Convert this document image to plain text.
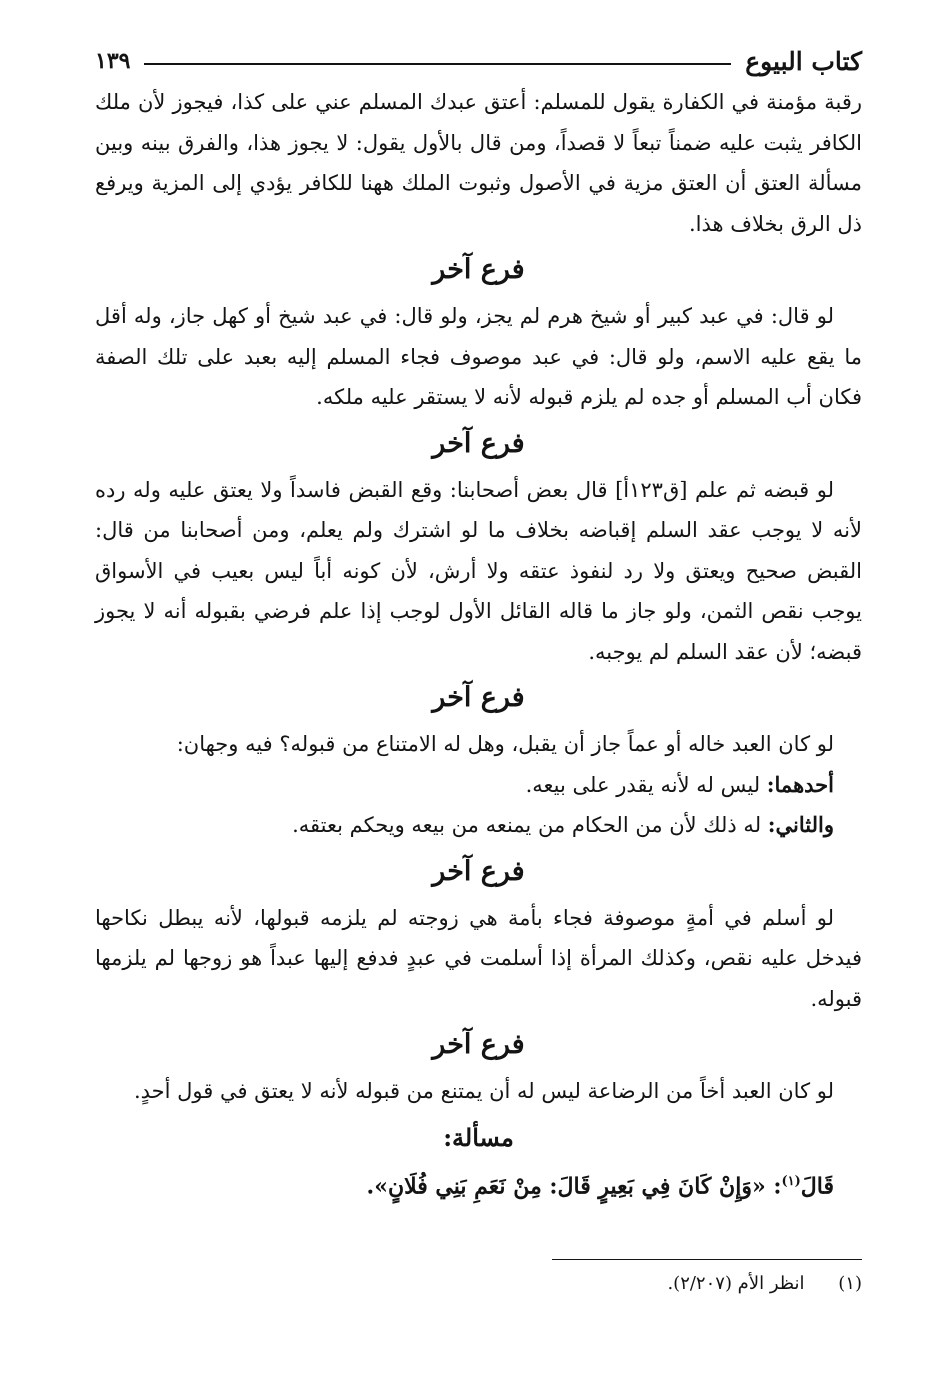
كتاب البيوع
١٣٩

رقبة مؤمنة في الكفارة يقول للمسلم: أعتق عبدك المسلم عني على كذا، فيجوز لأن ملك الكافر يثبت عليه ضمناً تبعاً لا قصداً، ومن قال بالأول يقول: لا يجوز هذا، والفرق بينه وبين مسألة العتق أن العتق مزية في الأصول وثبوت الملك ههنا للكافر يؤدي إلى المزية ويرفع ذل الرق بخلاف هذا.

فرع آخر

لو قال: في عبد كبير أو شيخ هرم لم يجز، ولو قال: في عبد شيخ أو كهل جاز، وله أقل ما يقع عليه الاسم، ولو قال: في عبد موصوف فجاء المسلم إليه بعبد على تلك الصفة فكان أب المسلم أو جده لم يلزم قبوله لأنه لا يستقر عليه ملكه.

فرع آخر

لو قبضه ثم علم [ق١٢٣أ] قال بعض أصحابنا: وقع القبض فاسداً ولا يعتق عليه وله رده لأنه لا يوجب عقد السلم إقباضه بخلاف ما لو اشترك ولم يعلم، ومن أصحابنا من قال: القبض صحيح ويعتق ولا رد لنفوذ عتقه ولا أرش، لأن كونه أباً ليس بعيب في الأسواق يوجب نقص الثمن، ولو جاز ما قاله القائل الأول لوجب إذا علم فرضي بقبوله أنه لا يجوز قبضه؛ لأن عقد السلم لم يوجبه.

فرع آخر

لو كان العبد خاله أو عماً جاز أن يقبل، وهل له الامتناع من قبوله؟ فيه وجهان:

أحدهما: ليس له لأنه يقدر على بيعه.

والثاني: له ذلك لأن من الحكام من يمنعه من بيعه ويحكم بعتقه.

فرع آخر

لو أسلم في أمةٍ موصوفة فجاء بأمة هي زوجته لم يلزمه قبولها، لأنه يبطل نكاحها فيدخل عليه نقص، وكذلك المرأة إذا أسلمت في عبدٍ فدفع إليها عبداً هو زوجها لم يلزمها قبوله.

فرع آخر

لو كان العبد أخاً من الرضاعة ليس له أن يمتنع من قبوله لأنه لا يعتق في قول أحدٍ.

مسألة:

قَالَ$^{(١)}$: «وَإِنْ كَانَ فِي بَعِيرٍ قَالَ: مِنْ نَعَمِ بَنِي فُلَانٍ».

(١) انظر الأم (٢/٢٠٧).
